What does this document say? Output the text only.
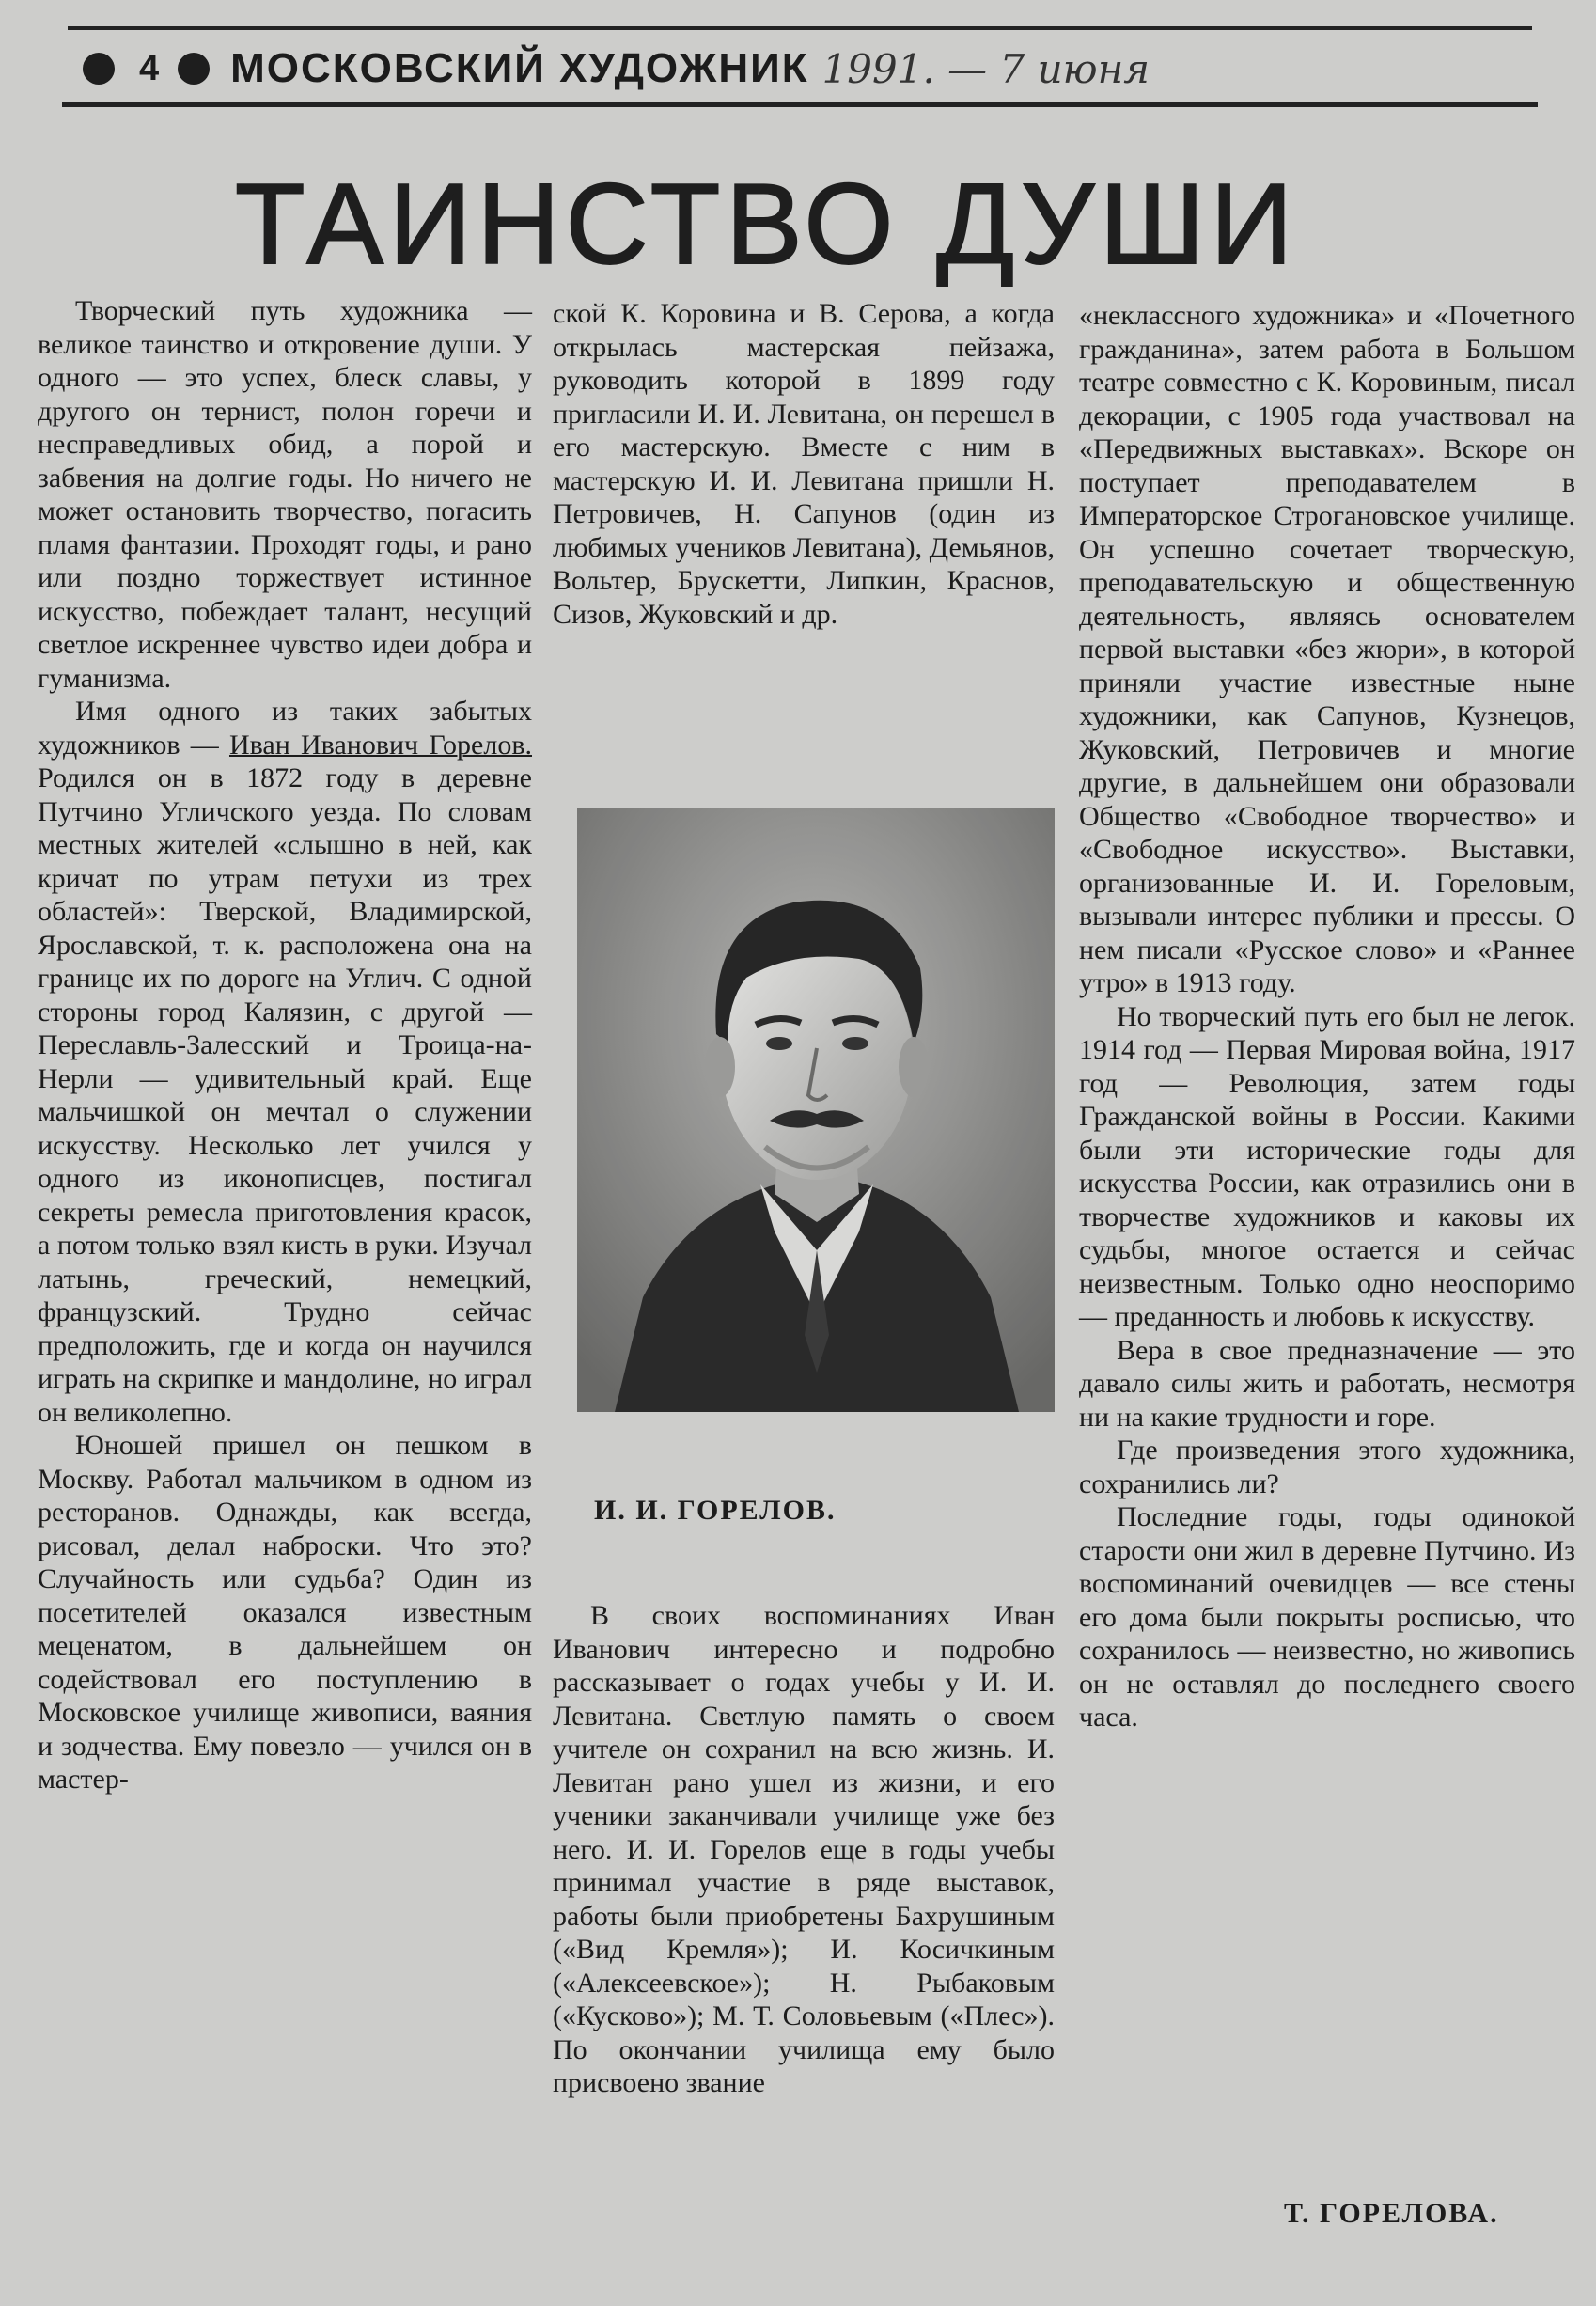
4 МОСКОВСКИЙ ХУДОЖНИК 1991. — 7 июня
ТАИНСТВО ДУШИ

Творческий путь художника — великое таинство и откровение души. У одного — это успех, блеск славы, у другого он тернист, полон горечи и несправедливых обид, а порой и забвения на долгие годы. Но ничего не может остановить творчество, погасить пламя фантазии. Проходят годы, и рано или поздно торжествует истинное искусство, побеждает талант, несущий светлое искреннее чувство идеи добра и гуманизма.

Имя одного из таких забытых художников — Иван Иванович Горелов. Родился он в 1872 году в деревне Путчино Угличского уезда. По словам местных жителей «слышно в ней, как кричат по утрам петухи из трех областей»: Тверской, Владимирской, Ярославской, т. к. расположена она на границе их по дороге на Углич. С одной стороны город Калязин, с другой — Переславль-Залесский и Троица-на-Нерли — удивительный край. Еще мальчишкой он мечтал о служении искусству. Несколько лет учился у одного из иконописцев, постигал секреты ремесла приготовления красок, а потом только взял кисть в руки. Изучал латынь, греческий, немецкий, французский. Трудно сейчас предположить, где и когда он научился играть на скрипке и мандолине, но играл он великолепно.

Юношей пришел он пешком в Москву. Работал мальчиком в одном из ресторанов. Однажды, как всегда, рисовал, делал наброски. Что это? Случайность или судьба? Один из посетителей оказался известным меценатом, в дальнейшем он содействовал его поступлению в Московское училище живописи, ваяния и зодчества. Ему повезло — учился он в мастер-

ской К. Коровина и В. Серова, а когда открылась мастерская пейзажа, руководить которой в 1899 году пригласили И. И. Левитана, он перешел в его мастерскую. Вместе с ним в мастерскую И. И. Левитана пришли Н. Петровичев, Н. Сапунов (один из любимых учеников Левитана), Демьянов, Вольтер, Брускетти, Липкин, Краснов, Сизов, Жуковский и др.

И. И. ГОРЕЛОВ.

В своих воспоминаниях Иван Иванович интересно и подробно рассказывает о годах учебы у И. И. Левитана. Светлую память о своем учителе он сохранил на всю жизнь. И. Левитан рано ушел из жизни, и его ученики заканчивали училище уже без него. И. И. Горелов еще в годы учебы принимал участие в ряде выставок, работы были приобретены Бахрушиным («Вид Кремля»); И. Косичкиным («Алексеевское»); Н. Рыбаковым («Кусково»); М. Т. Соловьевым («Плес»). По окончании училища ему было присвоено звание

«неклассного художника» и «Почетного гражданина», затем работа в Большом театре совместно с К. Коровиным, писал декорации, с 1905 года участвовал на «Передвижных выставках». Вскоре он поступает преподавателем в Императорское Строгановское училище. Он успешно сочетает творческую, преподавательскую и общественную деятельность, являясь основателем первой выставки «без жюри», в которой приняли участие известные ныне художники, как Сапунов, Кузнецов, Жуковский, Петровичев и многие другие, в дальнейшем они образовали Общество «Свободное творчество» и «Свободное искусство». Выставки, организованные И. И. Гореловым, вызывали интерес публики и прессы. О нем писали «Русское слово» и «Раннее утро» в 1913 году.

Но творческий путь его был не легок. 1914 год — Первая Мировая война, 1917 год — Революция, затем годы Гражданской войны в России. Какими были эти исторические годы для искусства России, как отразились они в творчестве художников и каковы их судьбы, многое остается и сейчас неизвестным. Только одно неоспоримо — преданность и любовь к искусству.

Вера в свое предназначение — это давало силы жить и работать, несмотря ни на какие трудности и горе.

Где произведения этого художника, сохранились ли?

Последние годы, годы одинокой старости они жил в деревне Путчино. Из воспоминаний очевидцев — все стены его дома были покрыты росписью, что сохранилось — неизвестно, но живопись он не оставлял до последнего своего часа.

Т. ГОРЕЛОВА.
